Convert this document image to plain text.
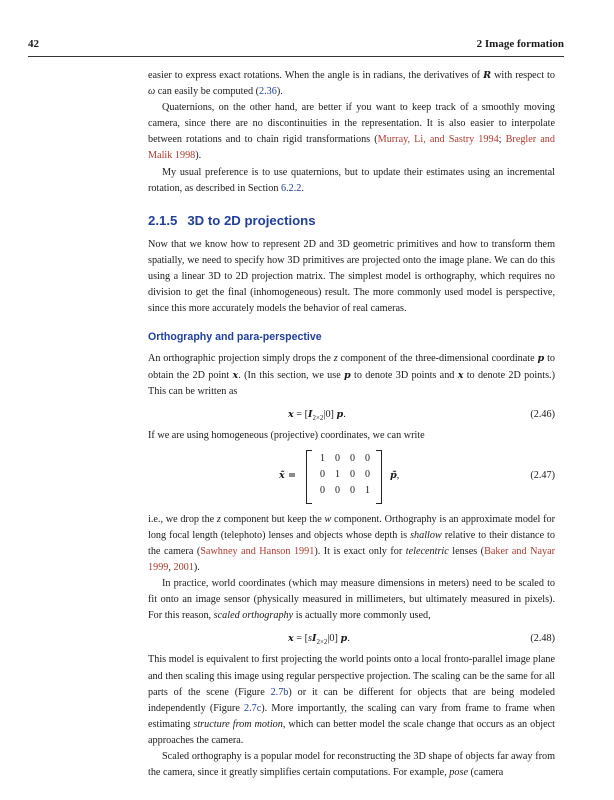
42	2 Image formation

easier to express exact rotations. When the angle is in radians, the derivatives of R with respect to ω can easily be computed (2.36).

Quaternions, on the other hand, are better if you want to keep track of a smoothly moving camera, since there are no discontinuities in the representation. It is also easier to interpolate between rotations and to chain rigid transformations (Murray, Li, and Sastry 1994; Bregler and Malik 1998).

My usual preference is to use quaternions, but to update their estimates using an incremental rotation, as described in Section 6.2.2.

2.1.5 3D to 2D projections

Now that we know how to represent 2D and 3D geometric primitives and how to transform them spatially, we need to specify how 3D primitives are projected onto the image plane. We can do this using a linear 3D to 2D projection matrix. The simplest model is orthography, which requires no division to get the final (inhomogeneous) result. The more commonly used model is perspective, since this more accurately models the behavior of real cameras.

Orthography and para-perspective

An orthographic projection simply drops the z component of the three-dimensional coordinate p to obtain the 2D point x. (In this section, we use p to denote 3D points and x to denote 2D points.) This can be written as

$x = [I_{2\times 2}|0]$ p.	(2.46)

If we are using homogeneous (projective) coordinates, we can write

x̃ =
1	0	0	0
0	1	0	0
0	0	0	1
p̃,	(2.47)

i.e., we drop the z component but keep the w component. Orthography is an approximate model for long focal length (telephoto) lenses and objects whose depth is shallow relative to their distance to the camera (Sawhney and Hanson 1991). It is exact only for telecentric lenses (Baker and Nayar 1999, 2001).

In practice, world coordinates (which may measure dimensions in meters) need to be scaled to fit onto an image sensor (physically measured in millimeters, but ultimately measured in pixels). For this reason, scaled orthography is actually more commonly used,

$x = [sI_{2\times 2}|0]$ p.	(2.48)

This model is equivalent to first projecting the world points onto a local fronto-parallel image plane and then scaling this image using regular perspective projection. The scaling can be the same for all parts of the scene (Figure 2.7b) or it can be different for objects that are being modeled independently (Figure 2.7c). More importantly, the scaling can vary from frame to frame when estimating structure from motion, which can better model the scale change that occurs as an object approaches the camera.

Scaled orthography is a popular model for reconstructing the 3D shape of objects far away from the camera, since it greatly simplifies certain computations. For example, pose (camera
